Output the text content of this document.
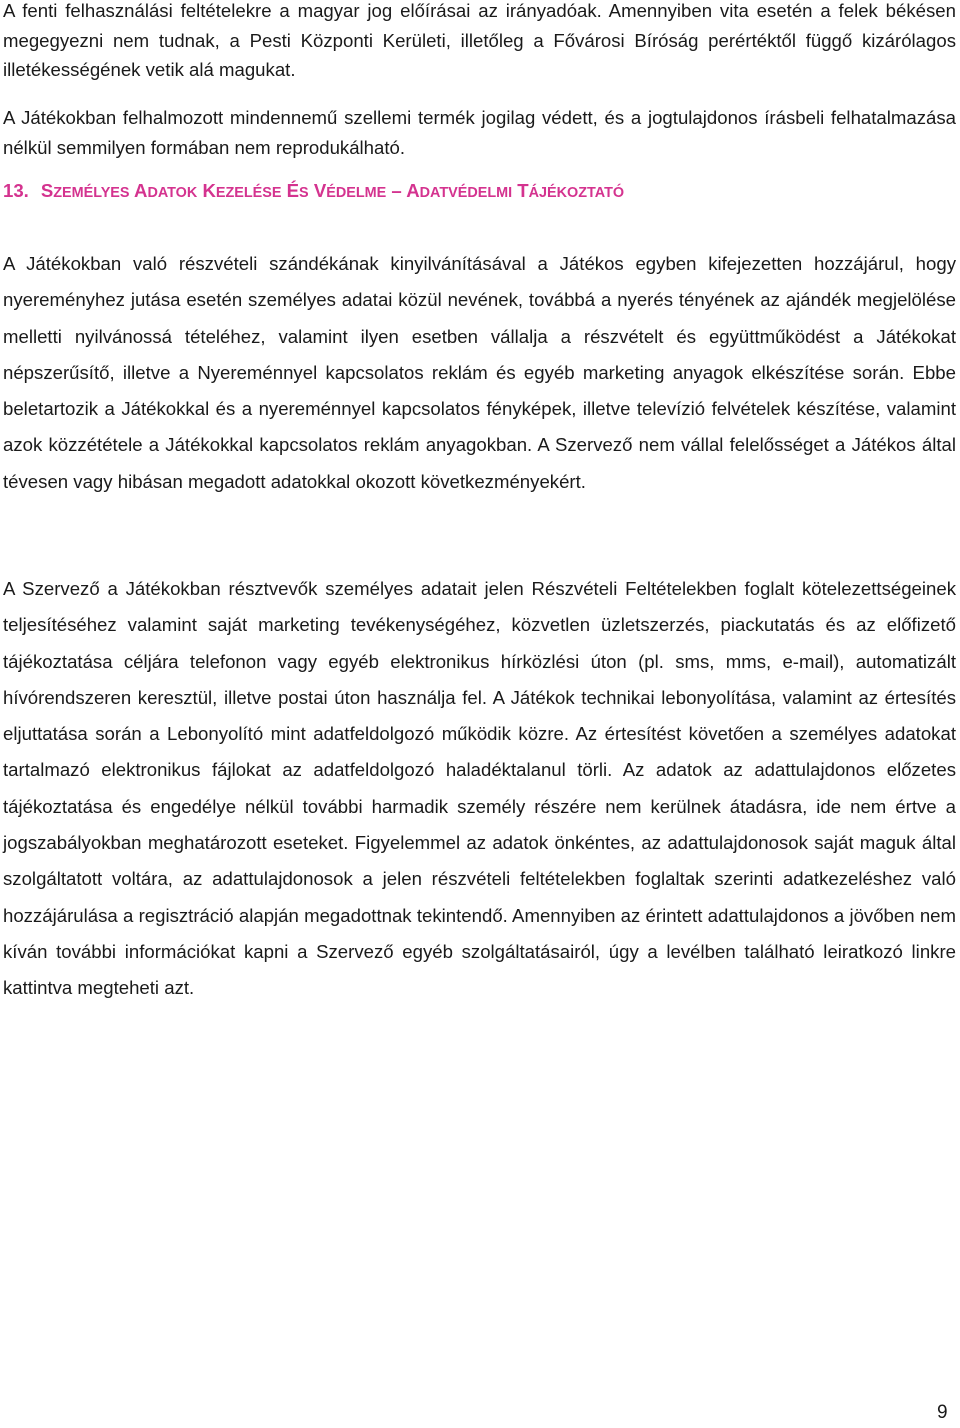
A fenti felhasználási feltételekre a magyar jog előírásai az irányadóak. Amennyiben vita esetén a felek békésen megegyezni nem tudnak, a Pesti Központi Kerületi, illetőleg a Fővárosi Bíróság perértéktől függő kizárólagos illetékességének vetik alá magukat.

A Játékokban felhalmozott mindennemű szellemi termék jogilag védett, és a jogtulajdonos írásbeli felhatalmazása nélkül semmilyen formában nem reprodukálható.

13. SZEMÉLYES ADATOK KEZELÉSE ÉS VÉDELME – ADATVÉDELMI TÁJÉKOZTATÓ

A Játékokban való részvételi szándékának kinyilvánításával a Játékos egyben kifejezetten hozzájárul, hogy nyereményhez jutása esetén személyes adatai közül nevének, továbbá a nyerés tényének az ajándék megjelölése melletti nyilvánossá tételéhez, valamint ilyen esetben vállalja a részvételt és együttműködést a Játékokat népszerűsítő, illetve a Nyereménnyel kapcsolatos reklám és egyéb marketing anyagok elkészítése során. Ebbe beletartozik a Játékokkal és a nyereménnyel kapcsolatos fényképek, illetve televízió felvételek készítése, valamint azok közzététele a Játékokkal kapcsolatos reklám anyagokban. A Szervező nem vállal felelősséget a Játékos által tévesen vagy hibásan megadott adatokkal okozott következményekért.

A Szervező a Játékokban résztvevők személyes adatait jelen Részvételi Feltételekben foglalt kötelezettségeinek teljesítéséhez valamint saját marketing tevékenységéhez, közvetlen üzletszerzés, piackutatás és az előfizető tájékoztatása céljára telefonon vagy egyéb elektronikus hírközlési úton (pl. sms, mms, e-mail), automatizált hívórendszeren keresztül, illetve postai úton használja fel. A Játékok technikai lebonyolítása, valamint az értesítés eljuttatása során a Lebonyolító mint adatfeldolgozó működik közre. Az értesítést követően a személyes adatokat tartalmazó elektronikus fájlokat az adatfeldolgozó haladéktalanul törli. Az adatok az adattulajdonos előzetes tájékoztatása és engedélye nélkül további harmadik személy részére nem kerülnek átadásra, ide nem értve a jogszabályokban meghatározott eseteket. Figyelemmel az adatok önkéntes, az adattulajdonosok saját maguk által szolgáltatott voltára, az adattulajdonosok a jelen részvételi feltételekben foglaltak szerinti adatkezeléshez való hozzájárulása a regisztráció alapján megadottnak tekintendő. Amennyiben az érintett adattulajdonos a jövőben nem kíván további információkat kapni a Szervező egyéb szolgáltatásairól, úgy a levélben található leiratkozó linkre kattintva megteheti azt.

9
